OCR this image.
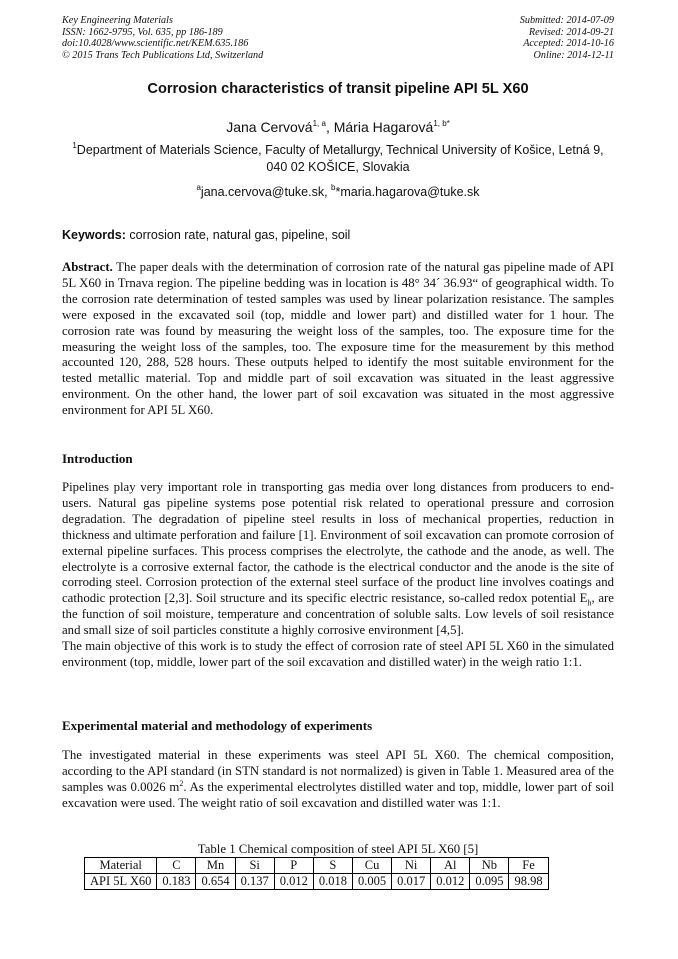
Key Engineering Materials
ISSN: 1662-9795, Vol. 635, pp 186-189
doi:10.4028/www.scientific.net/KEM.635.186
© 2015 Trans Tech Publications Ltd, Switzerland
Submitted: 2014-07-09
Revised: 2014-09-21
Accepted: 2014-10-16
Online: 2014-12-11
Corrosion characteristics of transit pipeline API 5L X60
Jana Cervová$^{1, a}$, Mária Hagarová$^{1, b*}$
$^1$Department of Materials Science, Faculty of Metallurgy, Technical University of Košice, Letná 9,
040 02 KOŠICE, Slovakia
$^a$jana.cervova@tuke.sk, $^b$*maria.hagarova@tuke.sk
Keywords: corrosion rate, natural gas, pipeline, soil
Abstract. The paper deals with the determination of corrosion rate of the natural gas pipeline made of API 5L X60 in Trnava region. The pipeline bedding was in location is 48° 34´ 36.93“ of geographical width. To the corrosion rate determination of tested samples was used by linear polarization resistance. The samples were exposed in the excavated soil (top, middle and lower part) and distilled water for 1 hour. The corrosion rate was found by measuring the weight loss of the samples, too. The exposure time for the measuring the weight loss of the samples, too. The exposure time for the measurement by this method accounted 120, 288, 528 hours. These outputs helped to identify the most suitable environment for the tested metallic material. Top and middle part of soil excavation was situated in the least aggressive environment. On the other hand, the lower part of soil excavation was situated in the most aggressive environment for API 5L X60.
Introduction
Pipelines play very important role in transporting gas media over long distances from producers to end-users. Natural gas pipeline systems pose potential risk related to operational pressure and corrosion degradation. The degradation of pipeline steel results in loss of mechanical properties, reduction in thickness and ultimate perforation and failure [1]. Environment of soil excavation can promote corrosion of external pipeline surfaces. This process comprises the electrolyte, the cathode and the anode, as well. The electrolyte is a corrosive external factor, the cathode is the electrical conductor and the anode is the site of corroding steel. Corrosion protection of the external steel surface of the product line involves coatings and cathodic protection [2,3]. Soil structure and its specific electric resistance, so-called redox potential $E_h$, are the function of soil moisture, temperature and concentration of soluble salts. Low levels of soil resistance and small size of soil particles constitute a highly corrosive environment [4,5].
The main objective of this work is to study the effect of corrosion rate of steel API 5L X60 in the simulated environment (top, middle, lower part of the soil excavation and distilled water) in the weigh ratio 1:1.
Experimental material and methodology of experiments
The investigated material in these experiments was steel API 5L X60. The chemical composition, according to the API standard (in STN standard is not normalized) is given in Table 1. Measured area of the samples was 0.0026 $m^2$. As the experimental electrolytes distilled water and top, middle, lower part of soil excavation were used. The weight ratio of soil excavation and distilled water was 1:1.
Table 1 Chemical composition of steel API 5L X60 [5]
Material	C	Mn	Si	P	S	Cu	Ni	Al	Nb	Fe
API 5L X60	0.183	0.654	0.137	0.012	0.018	0.005	0.017	0.012	0.095	98.98
